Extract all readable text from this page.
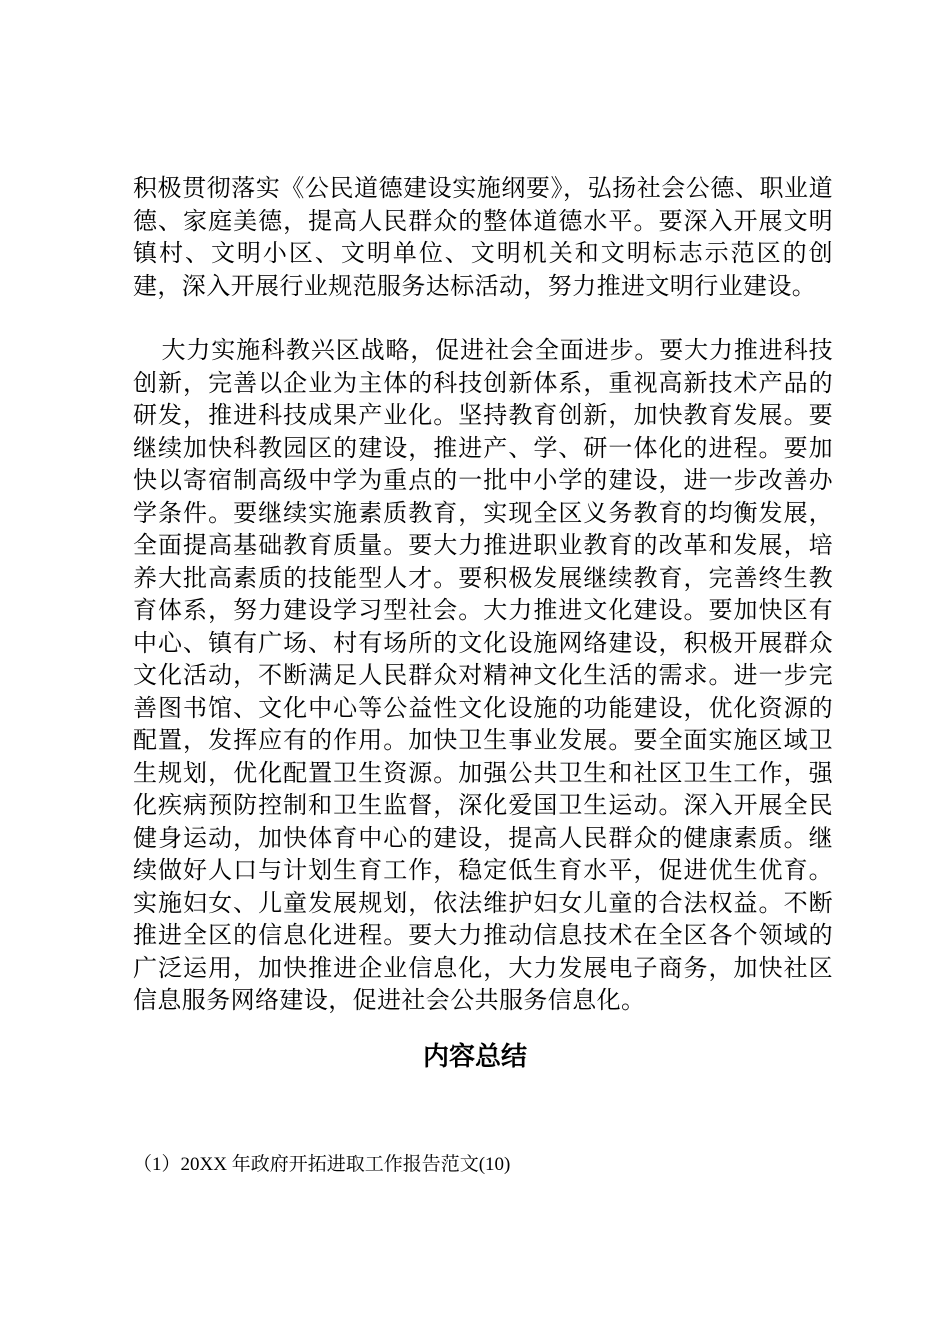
积极贯彻落实《公民道德建设实施纲要》，弘扬社会公德、职业道德、家庭美德，提高人民群众的整体道德水平。要深入开展文明镇村、文明小区、文明单位、文明机关和文明标志示范区的创建，深入开展行业规范服务达标活动，努力推进文明行业建设。

大力实施科教兴区战略，促进社会全面进步。要大力推进科技创新，完善以企业为主体的科技创新体系，重视高新技术产品的研发，推进科技成果产业化。坚持教育创新，加快教育发展。要继续加快科教园区的建设，推进产、学、研一体化的进程。要加快以寄宿制高级中学为重点的一批中小学的建设，进一步改善办学条件。要继续实施素质教育，实现全区义务教育的均衡发展，全面提高基础教育质量。要大力推进职业教育的改革和发展，培养大批高素质的技能型人才。要积极发展继续教育，完善终生教育体系，努力建设学习型社会。大力推进文化建设。要加快区有中心、镇有广场、村有场所的文化设施网络建设，积极开展群众文化活动，不断满足人民群众对精神文化生活的需求。进一步完善图书馆、文化中心等公益性文化设施的功能建设，优化资源的配置，发挥应有的作用。加快卫生事业发展。要全面实施区域卫生规划，优化配置卫生资源。加强公共卫生和社区卫生工作，强化疾病预防控制和卫生监督，深化爱国卫生运动。深入开展全民健身运动，加快体育中心的建设，提高人民群众的健康素质。继续做好人口与计划生育工作，稳定低生育水平，促进优生优育。实施妇女、儿童发展规划，依法维护妇女儿童的合法权益。不断推进全区的信息化进程。要大力推动信息技术在全区各个领域的广泛运用，加快推进企业信息化，大力发展电子商务，加快社区信息服务网络建设，促进社会公共服务信息化。

内容总结

（1）20XX 年政府开拓进取工作报告范文(10)
